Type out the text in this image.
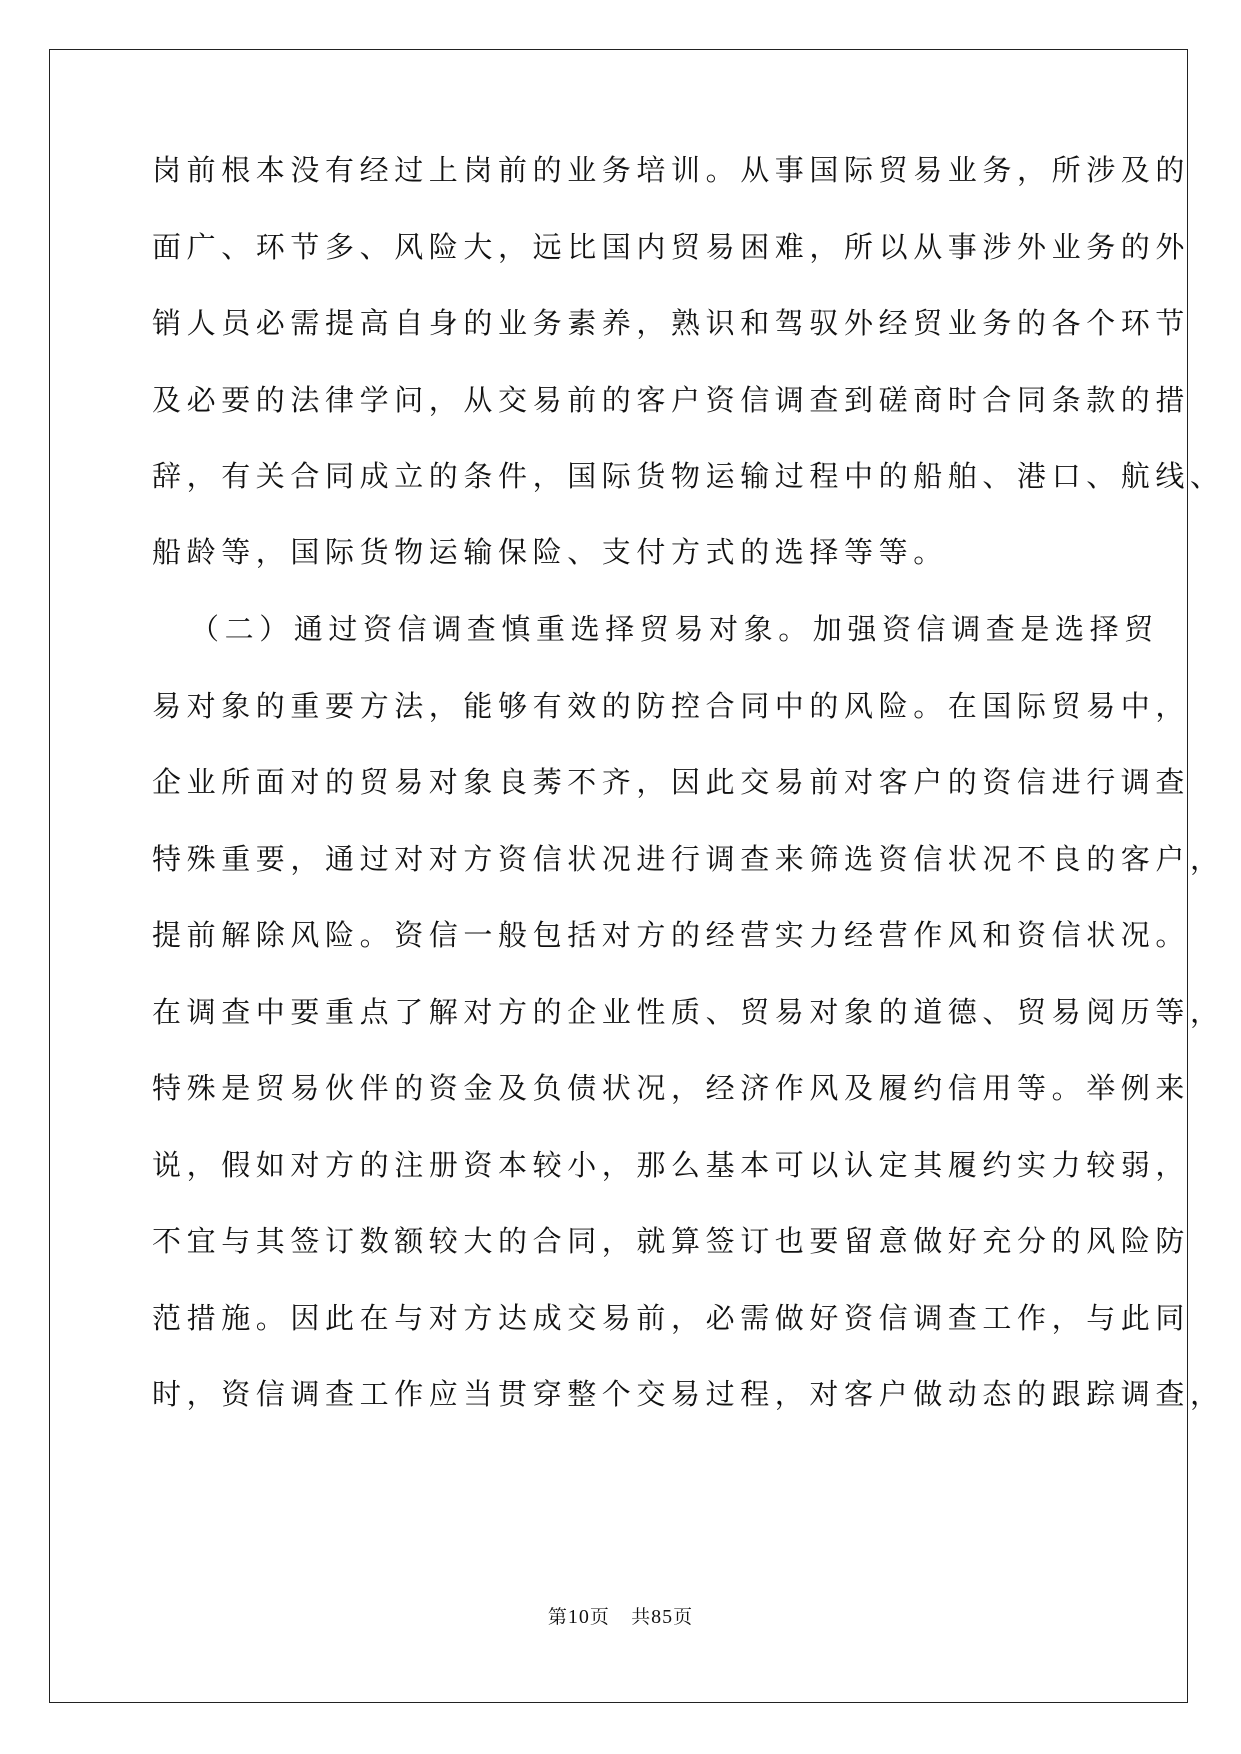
岗前根本没有经过上岗前的业务培训。从事国际贸易业务，所涉及的
面广、环节多、风险大，远比国内贸易困难，所以从事涉外业务的外
销人员必需提高自身的业务素养，熟识和驾驭外经贸业务的各个环节
及必要的法律学问，从交易前的客户资信调查到磋商时合同条款的措
辞，有关合同成立的条件，国际货物运输过程中的船舶、港口、航线、
船龄等，国际货物运输保险、支付方式的选择等等。
（二）通过资信调查慎重选择贸易对象。加强资信调查是选择贸
易对象的重要方法，能够有效的防控合同中的风险。在国际贸易中，
企业所面对的贸易对象良莠不齐，因此交易前对客户的资信进行调查
特殊重要，通过对对方资信状况进行调查来筛选资信状况不良的客户，
提前解除风险。资信一般包括对方的经营实力经营作风和资信状况。
在调查中要重点了解对方的企业性质、贸易对象的道德、贸易阅历等，
特殊是贸易伙伴的资金及负债状况，经济作风及履约信用等。举例来
说，假如对方的注册资本较小，那么基本可以认定其履约实力较弱，
不宜与其签订数额较大的合同，就算签订也要留意做好充分的风险防
范措施。因此在与对方达成交易前，必需做好资信调查工作，与此同
时，资信调查工作应当贯穿整个交易过程，对客户做动态的跟踪调查，
第10页 共85页
